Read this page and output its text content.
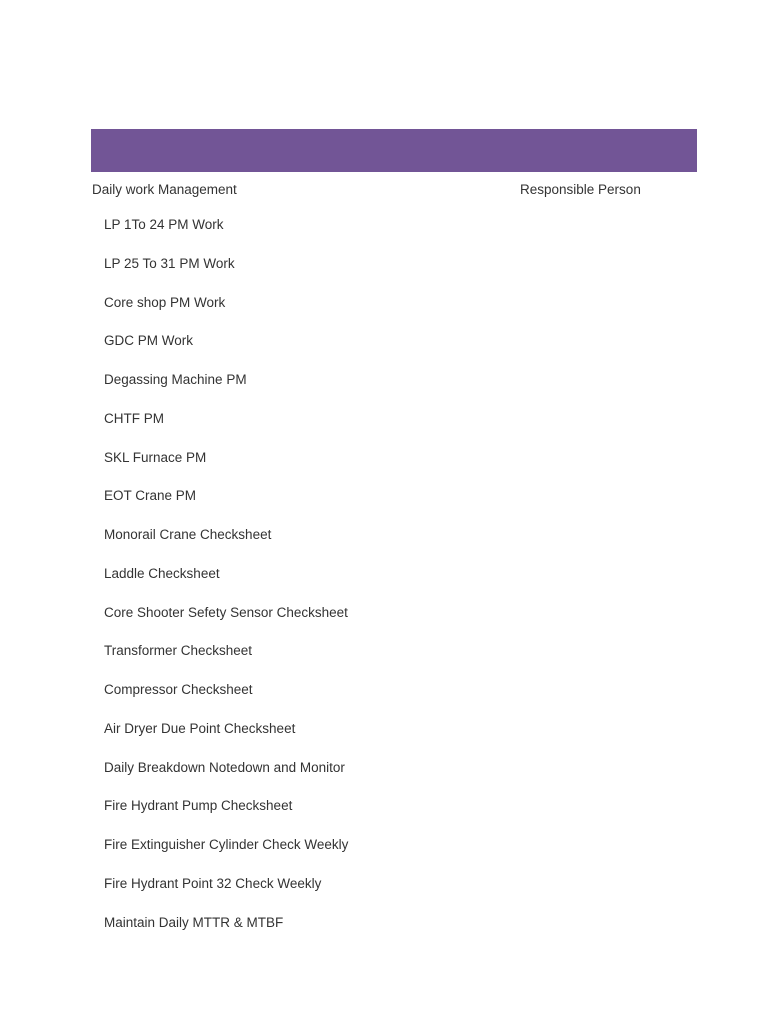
Daily work Management	Responsible Person
LP 1To 24 PM Work
LP 25 To 31 PM Work
Core shop PM Work
GDC PM Work
Degassing Machine PM
CHTF PM
SKL Furnace PM
EOT Crane PM
Monorail Crane Checksheet
Laddle Checksheet
Core Shooter Sefety Sensor Checksheet
Transformer Checksheet
Compressor Checksheet
Air Dryer Due Point Checksheet
Daily Breakdown Notedown and Monitor
Fire Hydrant Pump Checksheet
Fire Extinguisher Cylinder Check Weekly
Fire Hydrant Point 32 Check Weekly
Maintain Daily MTTR & MTBF
